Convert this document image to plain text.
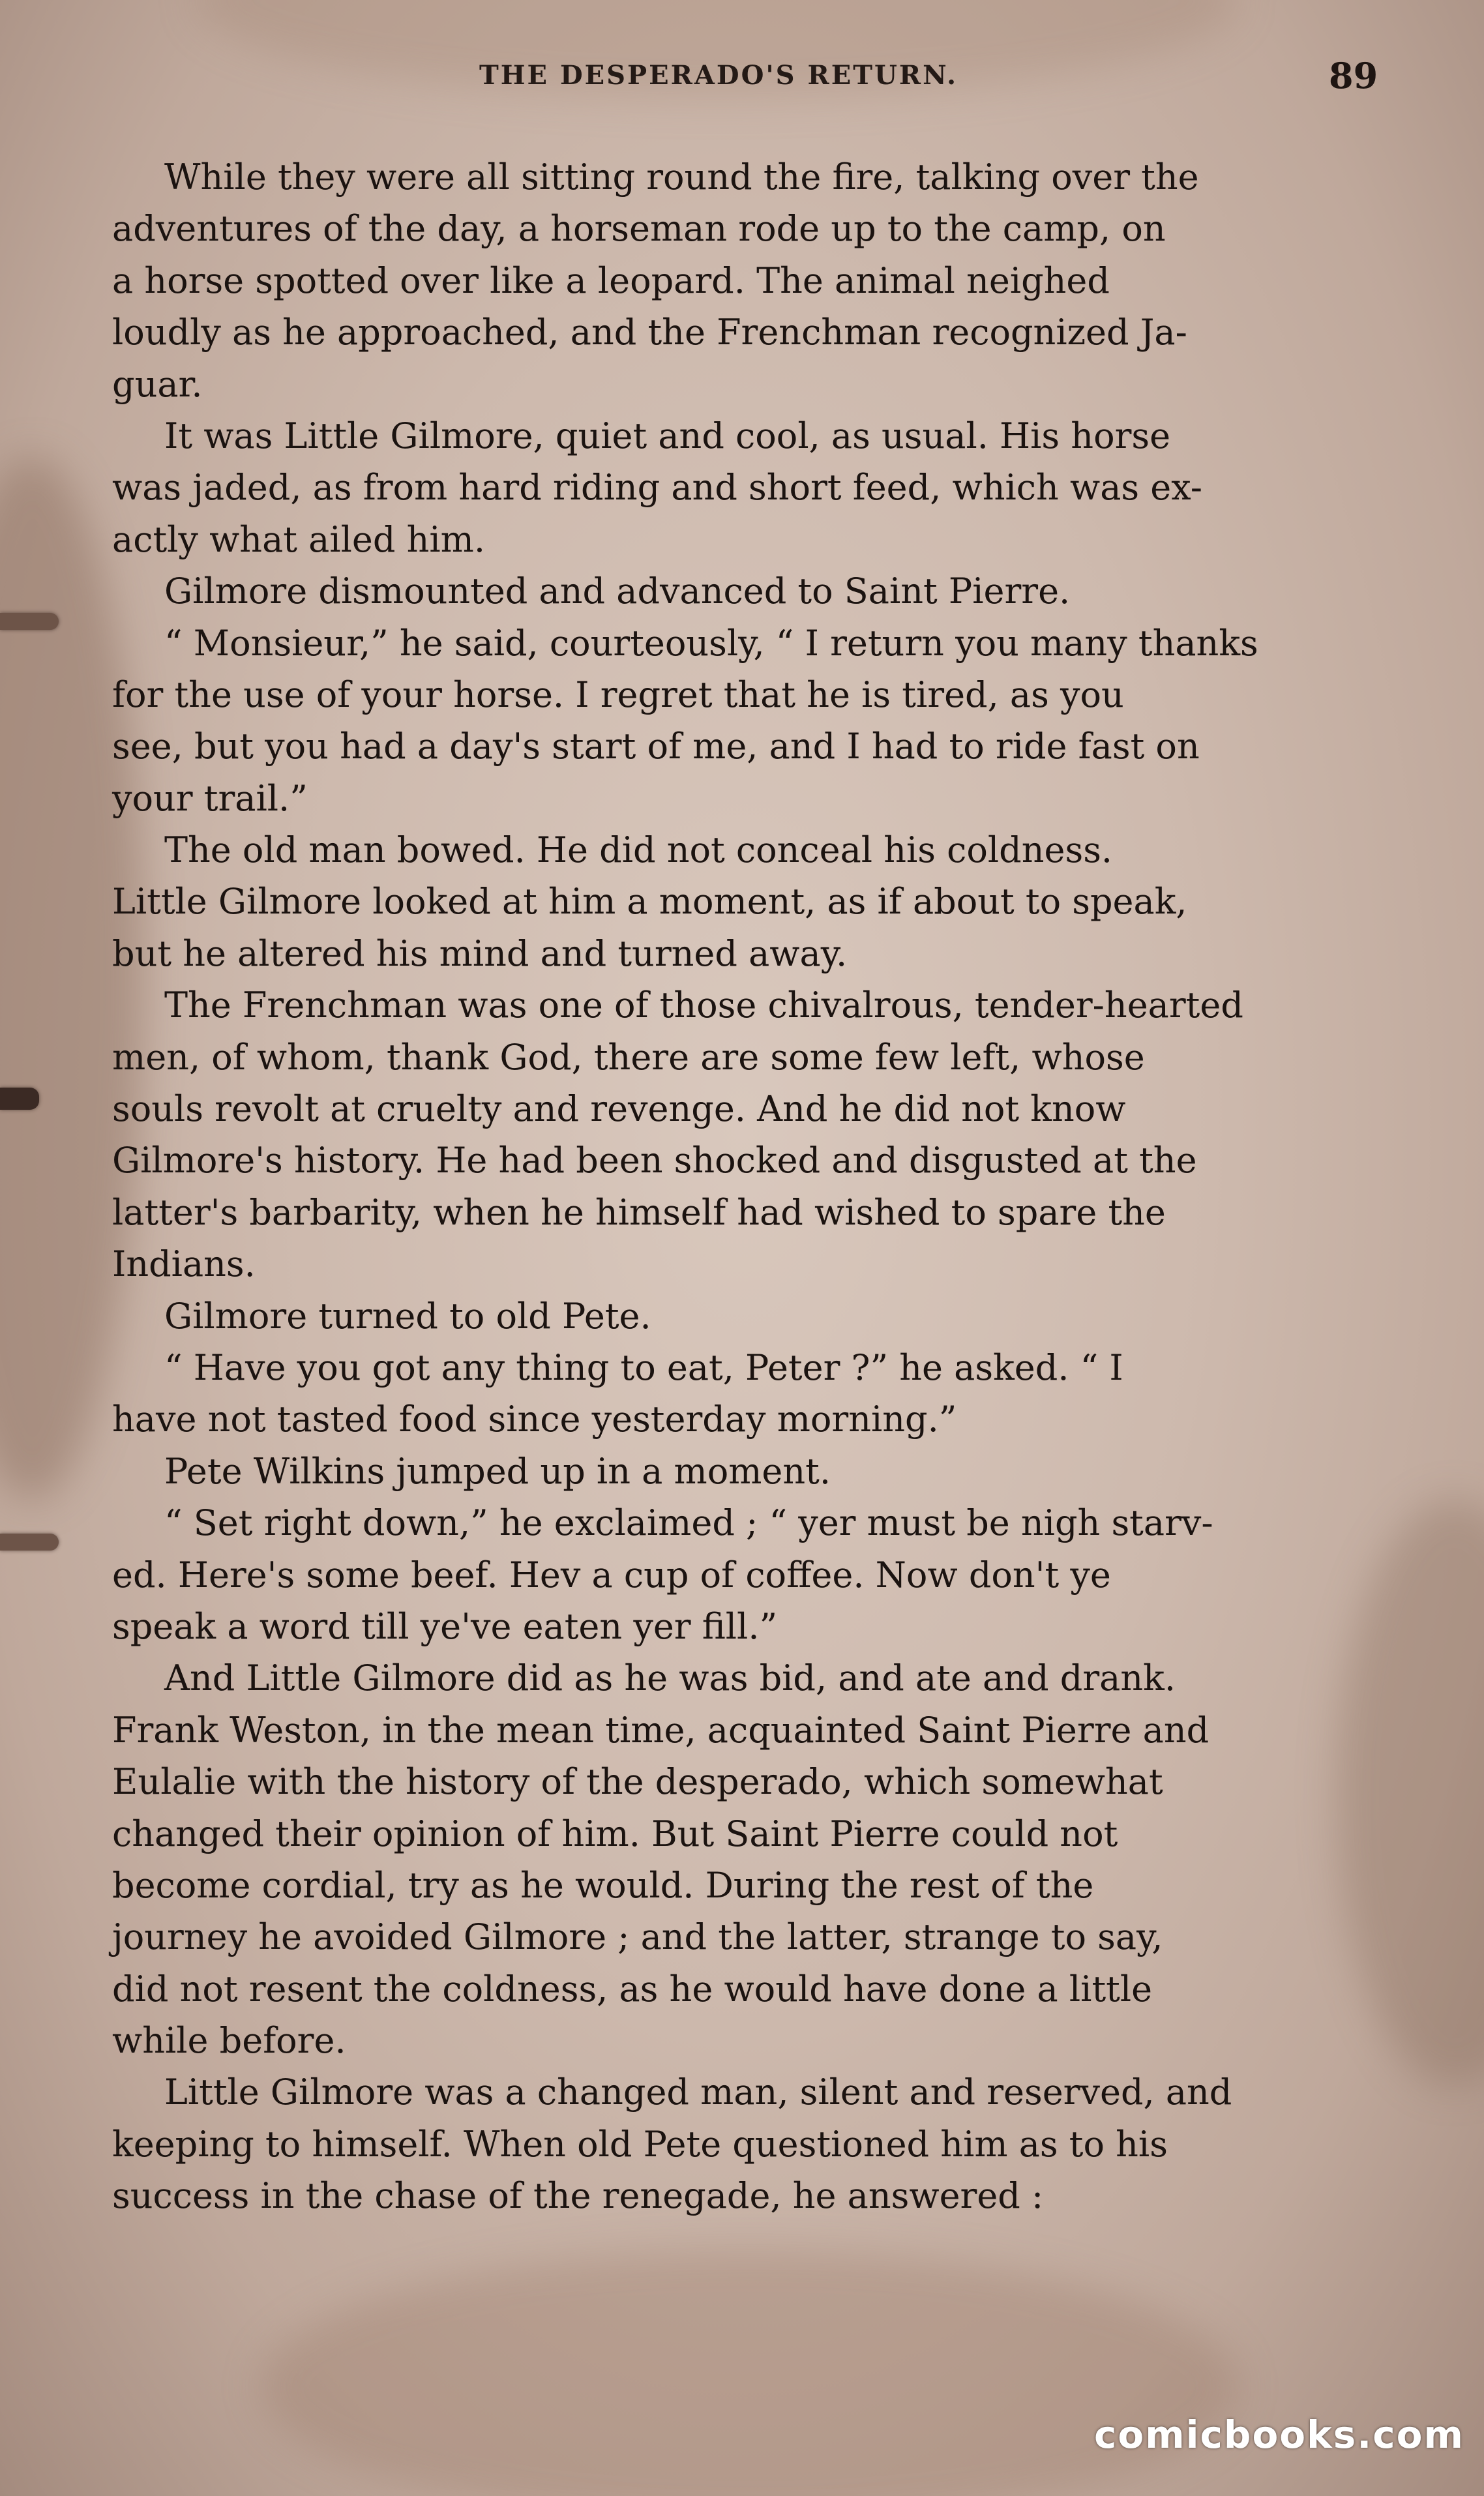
THE DESPERADO'S RETURN.	89
While they were all sitting round the fire, talking over the
adventures of the day, a horseman rode up to the camp, on
a horse spotted over like a leopard. The animal neighed
loudly as he approached, and the Frenchman recognized Ja-
guar.
It was Little Gilmore, quiet and cool, as usual. His horse
was jaded, as from hard riding and short feed, which was ex-
actly what ailed him.
Gilmore dismounted and advanced to Saint Pierre.
“ Monsieur,” he said, courteously, “ I return you many thanks
for the use of your horse. I regret that he is tired, as you
see, but you had a day's start of me, and I had to ride fast on
your trail.”
The old man bowed. He did not conceal his coldness.
Little Gilmore looked at him a moment, as if about to speak,
but he altered his mind and turned away.
The Frenchman was one of those chivalrous, tender-hearted
men, of whom, thank God, there are some few left, whose
souls revolt at cruelty and revenge. And he did not know
Gilmore's history. He had been shocked and disgusted at the
latter's barbarity, when he himself had wished to spare the
Indians.
Gilmore turned to old Pete.
“ Have you got any thing to eat, Peter ?” he asked. “ I
have not tasted food since yesterday morning.”
Pete Wilkins jumped up in a moment.
“ Set right down,” he exclaimed ; “ yer must be nigh starv-
ed. Here's some beef. Hev a cup of coffee. Now don't ye
speak a word till ye've eaten yer fill.”
And Little Gilmore did as he was bid, and ate and drank.
Frank Weston, in the mean time, acquainted Saint Pierre and
Eulalie with the history of the desperado, which somewhat
changed their opinion of him. But Saint Pierre could not
become cordial, try as he would. During the rest of the
journey he avoided Gilmore ; and the latter, strange to say,
did not resent the coldness, as he would have done a little
while before.
Little Gilmore was a changed man, silent and reserved, and
keeping to himself. When old Pete questioned him as to his
success in the chase of the renegade, he answered :
comicbooks.com
